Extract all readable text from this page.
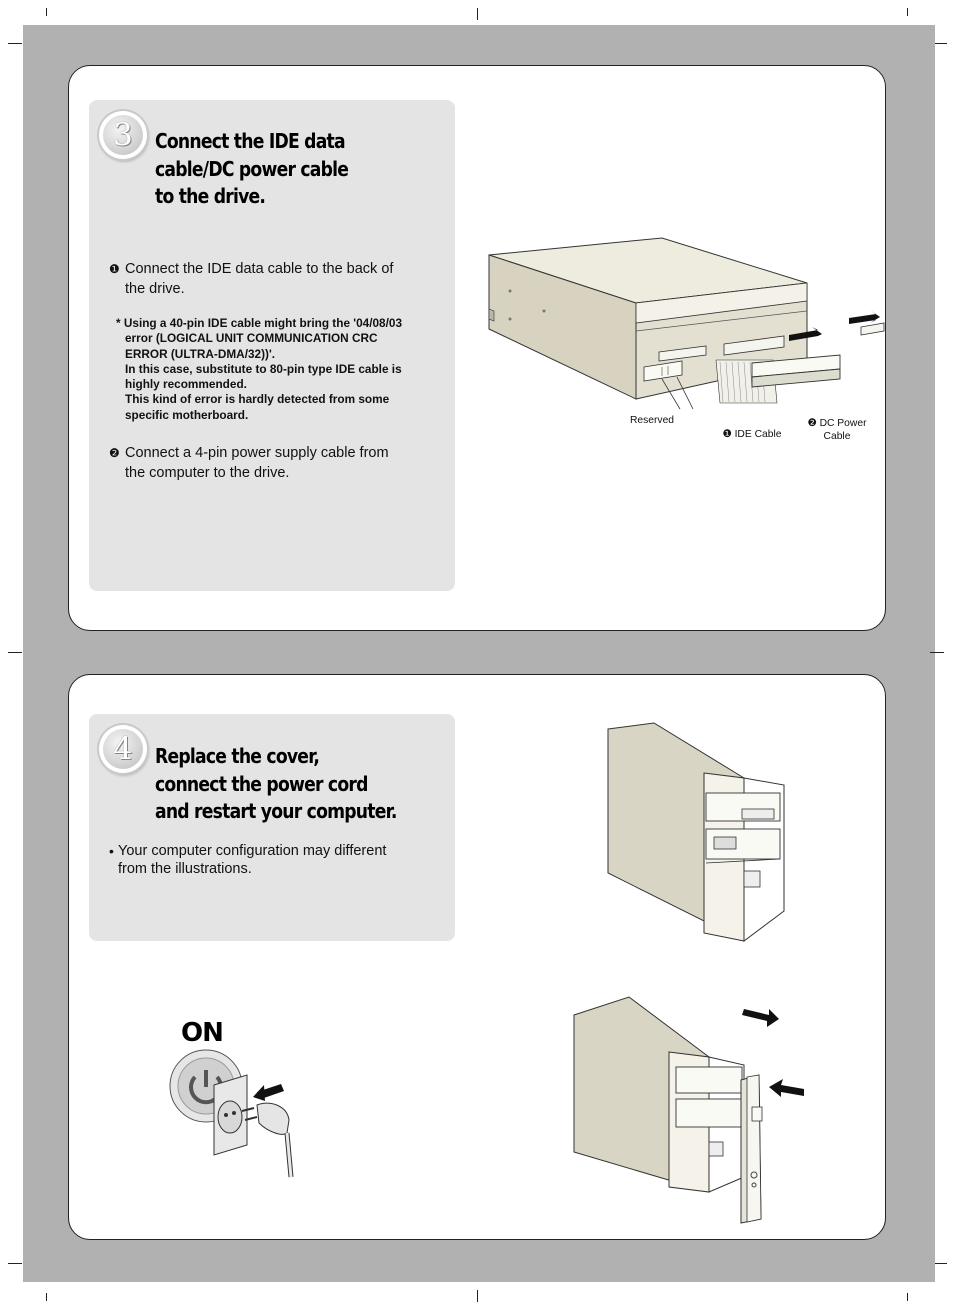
3	Connect the IDE data
cable/DC power cable
to the drive.

❶ Connect the IDE data cable to the back of
the drive.

* Using a 40-pin IDE cable might bring the '04/08/03
error (LOGICAL UNIT COMMUNICATION CRC
ERROR (ULTRA-DMA/32))'.
In this case, substitute to 80-pin type IDE cable is
highly recommended.
This kind of error is hardly detected from some
specific motherboard.

❷ Connect a 4-pin power supply cable from
the computer to the drive.

Reserved
❶ IDE Cable
❷ DC Power
Cable
4	Replace the cover,
connect the power cord
and restart your computer.

• Your computer configuration may different
from the illustrations.

ON
